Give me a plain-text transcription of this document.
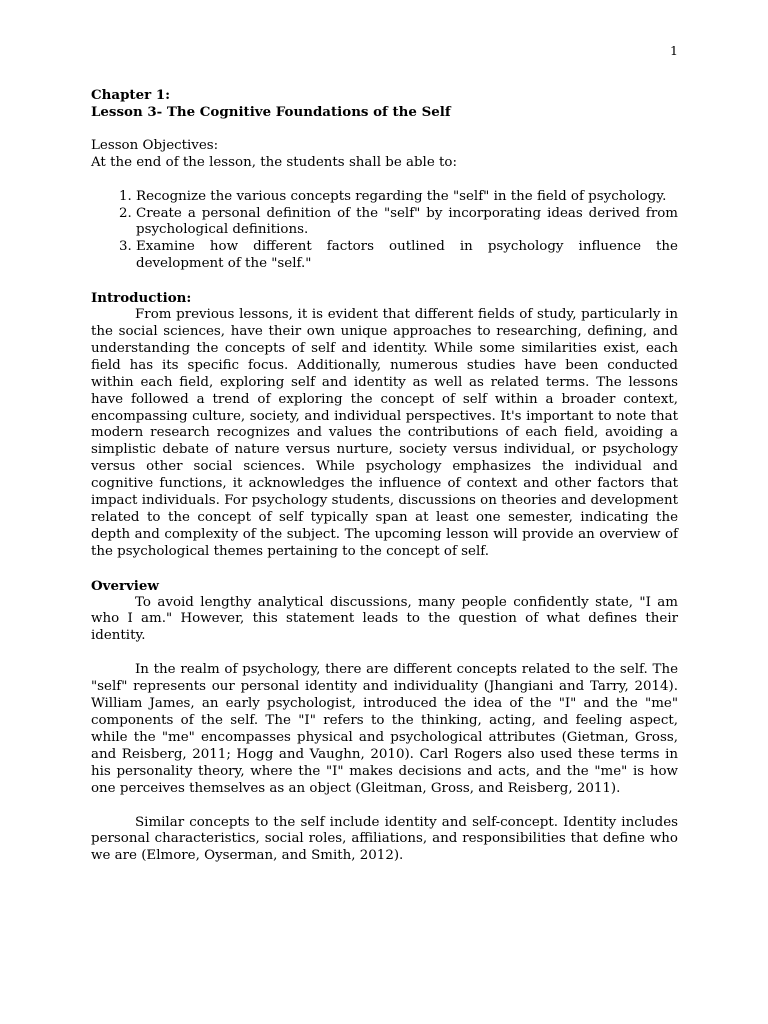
1

Chapter 1:

Lesson 3- The Cognitive Foundations of the Self

Lesson Objectives:

At the end of the lesson, the students shall be able to:

1. Recognize the various concepts regarding the "self" in the field of psychology.
2. Create a personal definition of the "self" by incorporating ideas derived from psychological definitions.
3. Examine how different factors outlined in psychology influence the development of the "self."

Introduction:

From previous lessons, it is evident that different fields of study, particularly in the social sciences, have their own unique approaches to researching, defining, and understanding the concepts of self and identity. While some similarities exist, each field has its specific focus. Additionally, numerous studies have been conducted within each field, exploring self and identity as well as related terms. The lessons have followed a trend of exploring the concept of self within a broader context, encompassing culture, society, and individual perspectives. It's important to note that modern research recognizes and values the contributions of each field, avoiding a simplistic debate of nature versus nurture, society versus individual, or psychology versus other social sciences. While psychology emphasizes the individual and cognitive functions, it acknowledges the influence of context and other factors that impact individuals. For psychology students, discussions on theories and development related to the concept of self typically span at least one semester, indicating the depth and complexity of the subject. The upcoming lesson will provide an overview of the psychological themes pertaining to the concept of self.

Overview

To avoid lengthy analytical discussions, many people confidently state, "I am who I am." However, this statement leads to the question of what defines their identity.

In the realm of psychology, there are different concepts related to the self. The "self" represents our personal identity and individuality (Jhangiani and Tarry, 2014). William James, an early psychologist, introduced the idea of the "I" and the "me" components of the self. The "I" refers to the thinking, acting, and feeling aspect, while the "me" encompasses physical and psychological attributes (Gietman, Gross, and Reisberg, 2011; Hogg and Vaughn, 2010). Carl Rogers also used these terms in his personality theory, where the "I" makes decisions and acts, and the "me" is how one perceives themselves as an object (Gleitman, Gross, and Reisberg, 2011).

Similar concepts to the self include identity and self-concept. Identity includes personal characteristics, social roles, affiliations, and responsibilities that define who we are (Elmore, Oyserman, and Smith, 2012).
